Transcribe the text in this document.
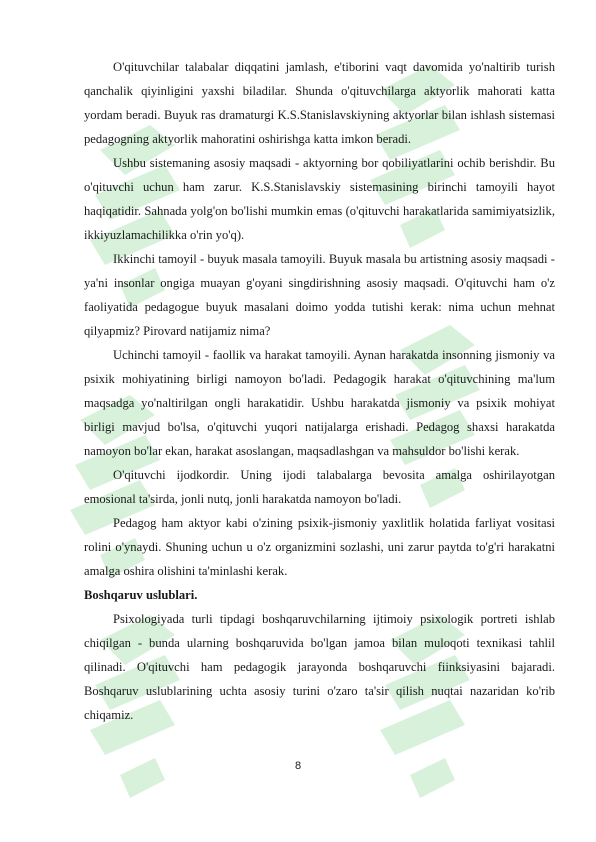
O'qituvchilar talabalar diqqatini jamlash, e'tiborini vaqt davomida yo'naltirib turish qanchalik qiyinligini yaxshi biladilar. Shunda o'qituvchilarga aktyorlik mahorati katta yordam beradi. Buyuk ras dramaturgi K.S.Stanislavskiyning aktyorlar bilan ishlash sistemasi pedagogning aktyorlik mahoratini oshirishga katta imkon beradi.

Ushbu sistemaning asosiy maqsadi - aktyorning bor qobiliyatlarini ochib berishdir. Bu o'qituvchi uchun ham zarur. K.S.Stanislavskiy sistemasining birinchi tamoyili hayot haqiqatidir. Sahnada yolg'on bo'lishi mumkin emas (o'qituvchi harakatlarida samimiyatsizlik, ikkiyuzlamachilikka o'rin yo'q).

Ikkinchi tamoyil - buyuk masala tamoyili. Buyuk masala bu artistning asosiy maqsadi - ya'ni insonlar ongiga muayan g'oyani singdirishning asosiy maqsadi. O'qituvchi ham o'z faoliyatida pedagogue buyuk masalani doimo yodda tutishi kerak: nima uchun mehnat qilyapmiz? Pirovard natijamiz nima?

Uchinchi tamoyil - faollik va harakat tamoyili. Aynan harakatda insonning jismoniy va psixik mohiyatining birligi namoyon bo'ladi. Pedagogik harakat o'qituvchining ma'lum maqsadga yo'naltirilgan ongli harakatidir. Ushbu harakatda jismoniy va psixik mohiyat birligi mavjud bo'lsa, o'qituvchi yuqori natijalarga erishadi. Pedagog shaxsi harakatda namoyon bo'lar ekan, harakat asoslangan, maqsadlashgan va mahsuldor bo'lishi kerak.

O'qituvchi ijodkordir. Uning ijodi talabalarga bevosita amalga oshirilayotgan emosional ta'sirda, jonli nutq, jonli harakatda namoyon bo'ladi.

Pedagog ham aktyor kabi o'zining psixik-jismoniy yaxlitlik holatida farliyat vositasi rolini o'ynaydi. Shuning uchun u o'z organizmini sozlashi, uni zarur paytda to'g'ri harakatni amalga oshira olishini ta'minlashi kerak.

Boshqaruv uslublari.

Psixologiyada turli tipdagi boshqaruvchilarning ijtimoiy psixologik portreti ishlab chiqilgan - bunda ularning boshqaruvida bo'lgan jamoa bilan muloqoti texnikasi tahlil qilinadi. O'qituvchi ham pedagogik jarayonda boshqaruvchi fiinksiyasini bajaradi. Boshqaruv uslublarining uchta asosiy turini o'zaro ta'sir qilish nuqtai nazaridan ko'rib chiqamiz.

8
